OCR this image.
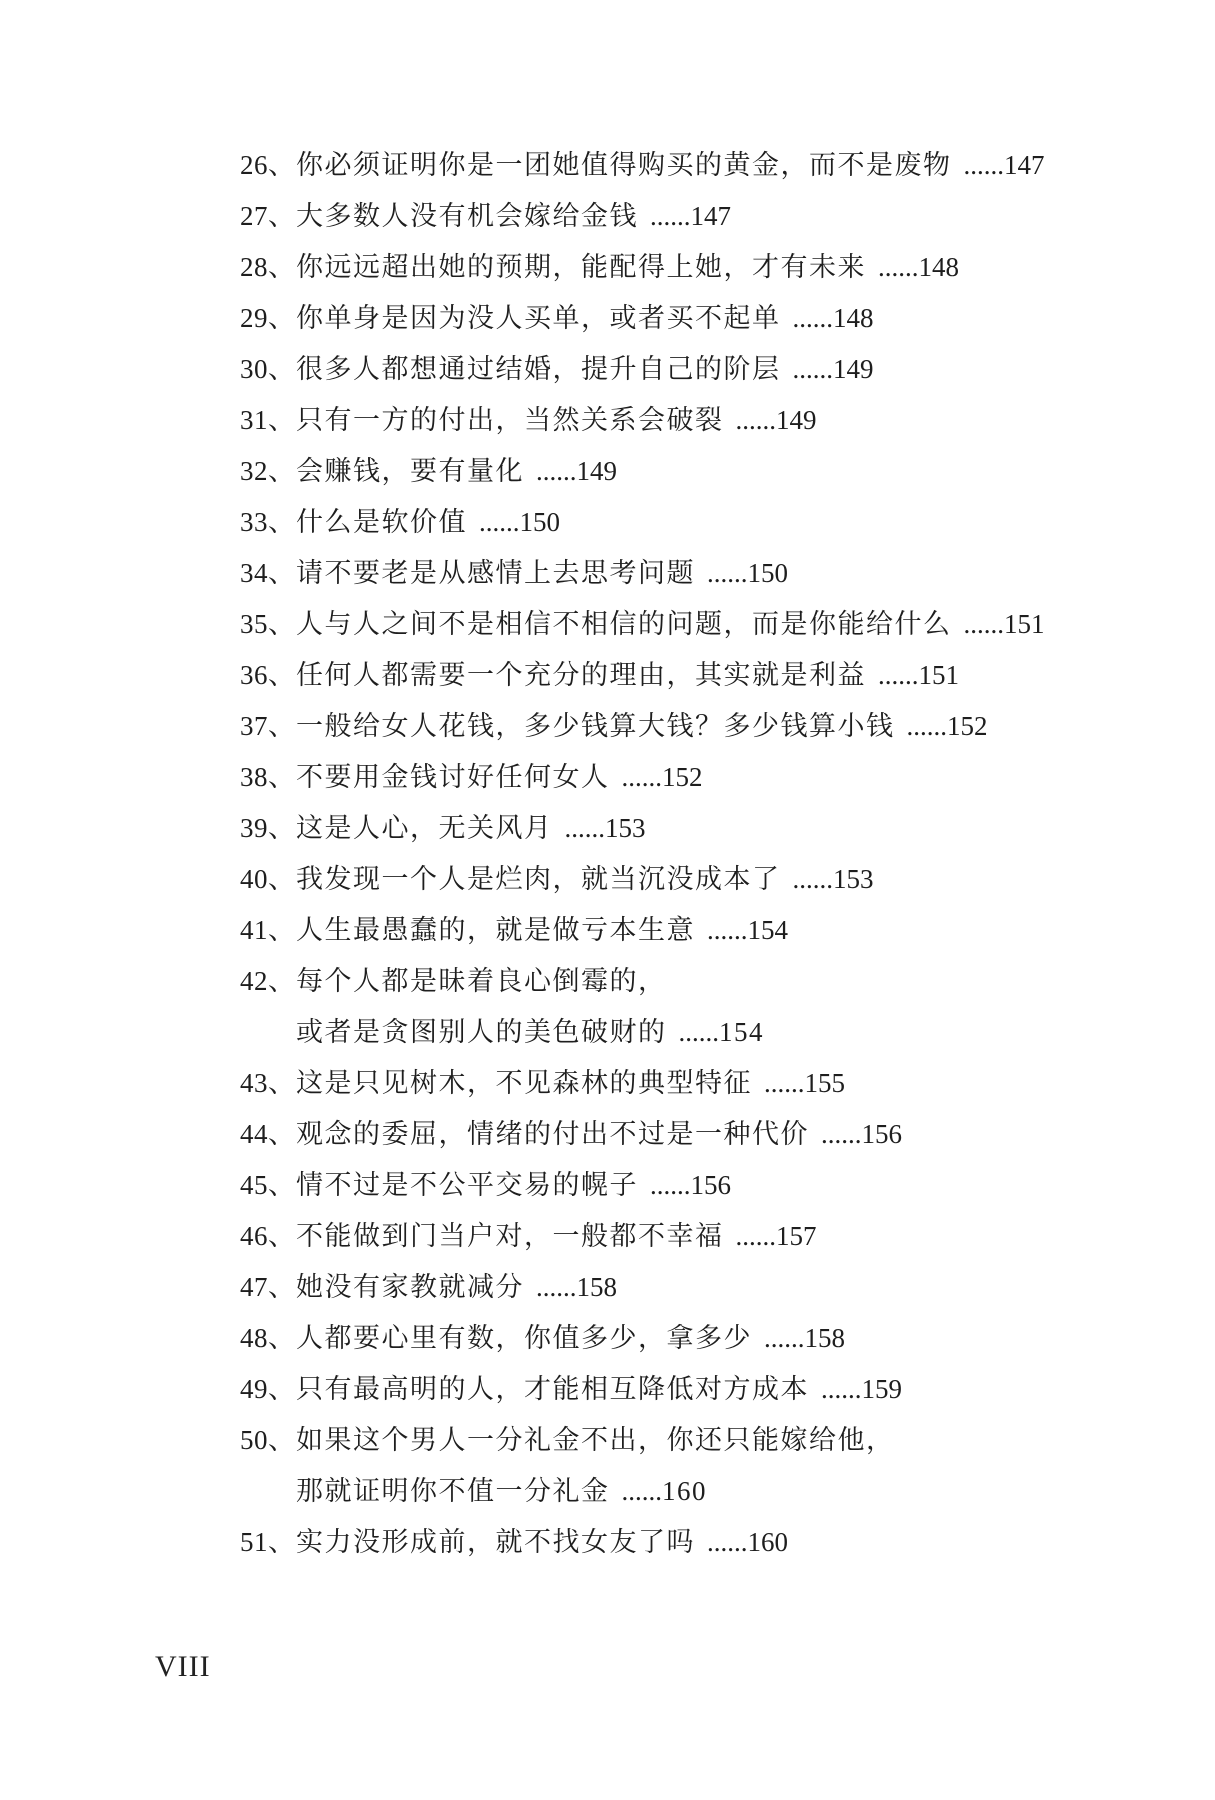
26、你必须证明你是一团她值得购买的黄金，而不是废物 ......147
27、大多数人没有机会嫁给金钱 ......147
28、你远远超出她的预期，能配得上她，才有未来 ......148
29、你单身是因为没人买单，或者买不起单 ......148
30、很多人都想通过结婚，提升自己的阶层 ......149
31、只有一方的付出，当然关系会破裂 ......149
32、会赚钱，要有量化 ......149
33、什么是软价值 ......150
34、请不要老是从感情上去思考问题 ......150
35、人与人之间不是相信不相信的问题，而是你能给什么 ......151
36、任何人都需要一个充分的理由，其实就是利益 ......151
37、一般给女人花钱，多少钱算大钱？多少钱算小钱 ......152
38、不要用金钱讨好任何女人 ......152
39、这是人心，无关风月 ......153
40、我发现一个人是烂肉，就当沉没成本了 ......153
41、人生最愚蠢的，就是做亏本生意 ......154
42、每个人都是昧着良心倒霉的，
或者是贪图别人的美色破财的 ......154
43、这是只见树木，不见森林的典型特征 ......155
44、观念的委屈，情绪的付出不过是一种代价 ......156
45、情不过是不公平交易的幌子 ......156
46、不能做到门当户对，一般都不幸福 ......157
47、她没有家教就减分 ......158
48、人都要心里有数，你值多少，拿多少 ......158
49、只有最高明的人，才能相互降低对方成本 ......159
50、如果这个男人一分礼金不出，你还只能嫁给他，
那就证明你不值一分礼金 ......160
51、实力没形成前，就不找女友了吗 ......160
VIII
